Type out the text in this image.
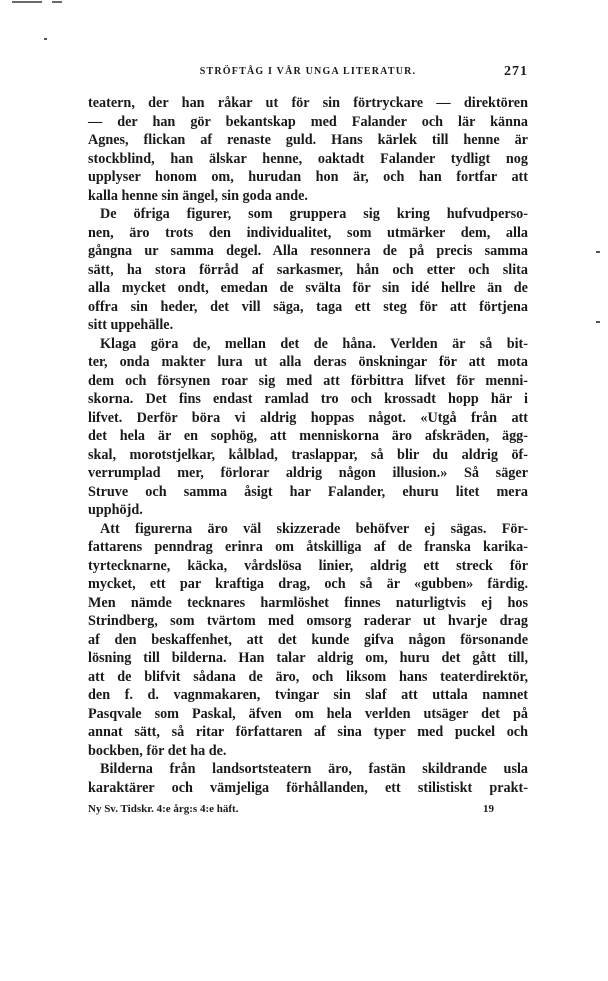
STRÖFTÅG I VÅR UNGA LITERATUR.	271
teatern, der han råkar ut för sin förtryckare — direktören
— der han gör bekantskap med Falander och lär känna
Agnes, flickan af renaste guld. Hans kärlek till henne är
stockblind, han älskar henne, oaktadt Falander tydligt nog
upplyser honom om, hurudan hon är, och han fortfar att
kalla henne sin ängel, sin goda ande.
De öfriga figurer, som gruppera sig kring hufvudperso-
nen, äro trots den individualitet, som utmärker dem, alla
gångna ur samma degel. Alla resonnera de på precis samma
sätt, ha stora förråd af sarkasmer, hån och etter och slita
alla mycket ondt, emedan de svälta för sin idé hellre än de
offra sin heder, det vill säga, taga ett steg för att förtjena
sitt uppehälle.
Klaga göra de, mellan det de håna. Verlden är så bit-
ter, onda makter lura ut alla deras önskningar för att mota
dem och försynen roar sig med att förbittra lifvet för menni-
skorna. Det fins endast ramlad tro och krossadt hopp här i
lifvet. Derför böra vi aldrig hoppas något. «Utgå från att
det hela är en sophög, att menniskorna äro afskräden, ägg-
skal, morotstjelkar, kålblad, traslappar, så blir du aldrig öf-
verrumplad mer, förlorar aldrig någon illusion.» Så säger
Struve och samma åsigt har Falander, ehuru litet mera
upphöjd.
Att figurerna äro väl skizzerade behöfver ej sägas. För-
fattarens penndrag erinra om åtskilliga af de franska karika-
tyrtecknarne, käcka, vårdslösa linier, aldrig ett streck för
mycket, ett par kraftiga drag, och så är «gubben» färdig.
Men nämde tecknares harmlöshet finnes naturligtvis ej hos
Strindberg, som tvärtom med omsorg raderar ut hvarje drag
af den beskaffenhet, att det kunde gifva någon försonande
lösning till bilderna. Han talar aldrig om, huru det gått till,
att de blifvit sådana de äro, och liksom hans teaterdirektör,
den f. d. vagnmakaren, tvingar sin slaf att uttala namnet
Pasqvale som Paskal, äfven om hela verlden utsäger det på
annat sätt, så ritar författaren af sina typer med puckel och
bockben, för det ha de.
Bilderna från landsortsteatern äro, fastän skildrande usla
karaktärer och vämjeliga förhållanden, ett stilistiskt prakt-
Ny Sv. Tidskr. 4:e årg:s 4:e häft.	19
